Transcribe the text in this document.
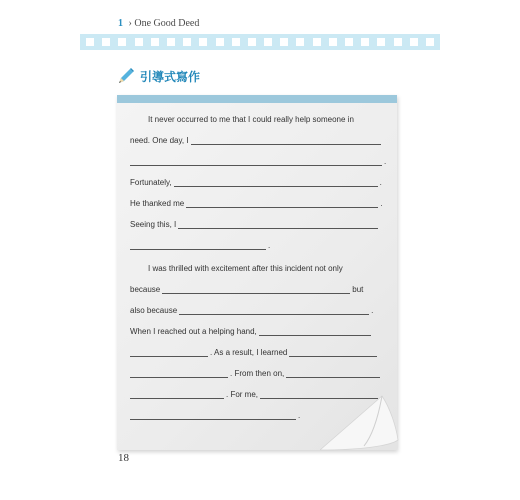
1 › One Good Deed
引導式寫作
It never occurred to me that I could really help someone in
need. One day, I
.
Fortunately,	.
He thanked me	.
Seeing this, I
.
I was thrilled with excitement after this incident not only
because	but
also because	.
When I reached out a helping hand,
. As a result, I learned
. From then on,
. For me,
.
18
